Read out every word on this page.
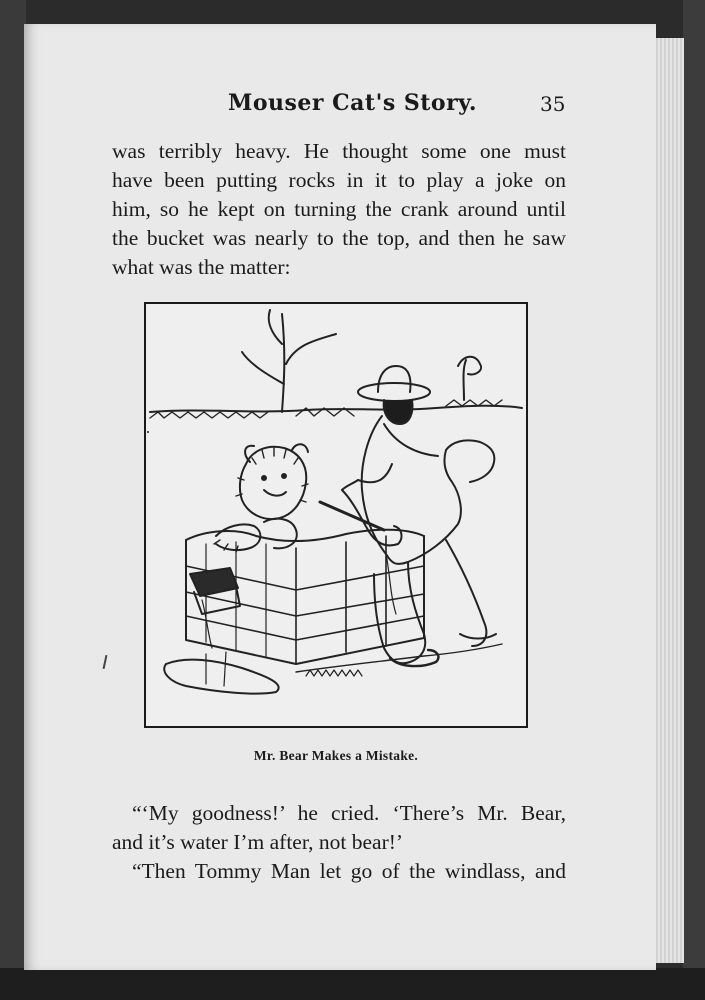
Mouser Cat's Story.	35
was terribly heavy. He thought some one must
have been putting rocks in it to play a joke on
him, so he kept on turning the crank around until
the bucket was nearly to the top, and then he saw
what was the matter:
Mr. Bear Makes a Mistake.
“‘My goodness!’ he cried. ‘There’s Mr. Bear,
and it’s water I’m after, not bear!’
“Then Tommy Man let go of the windlass, and
